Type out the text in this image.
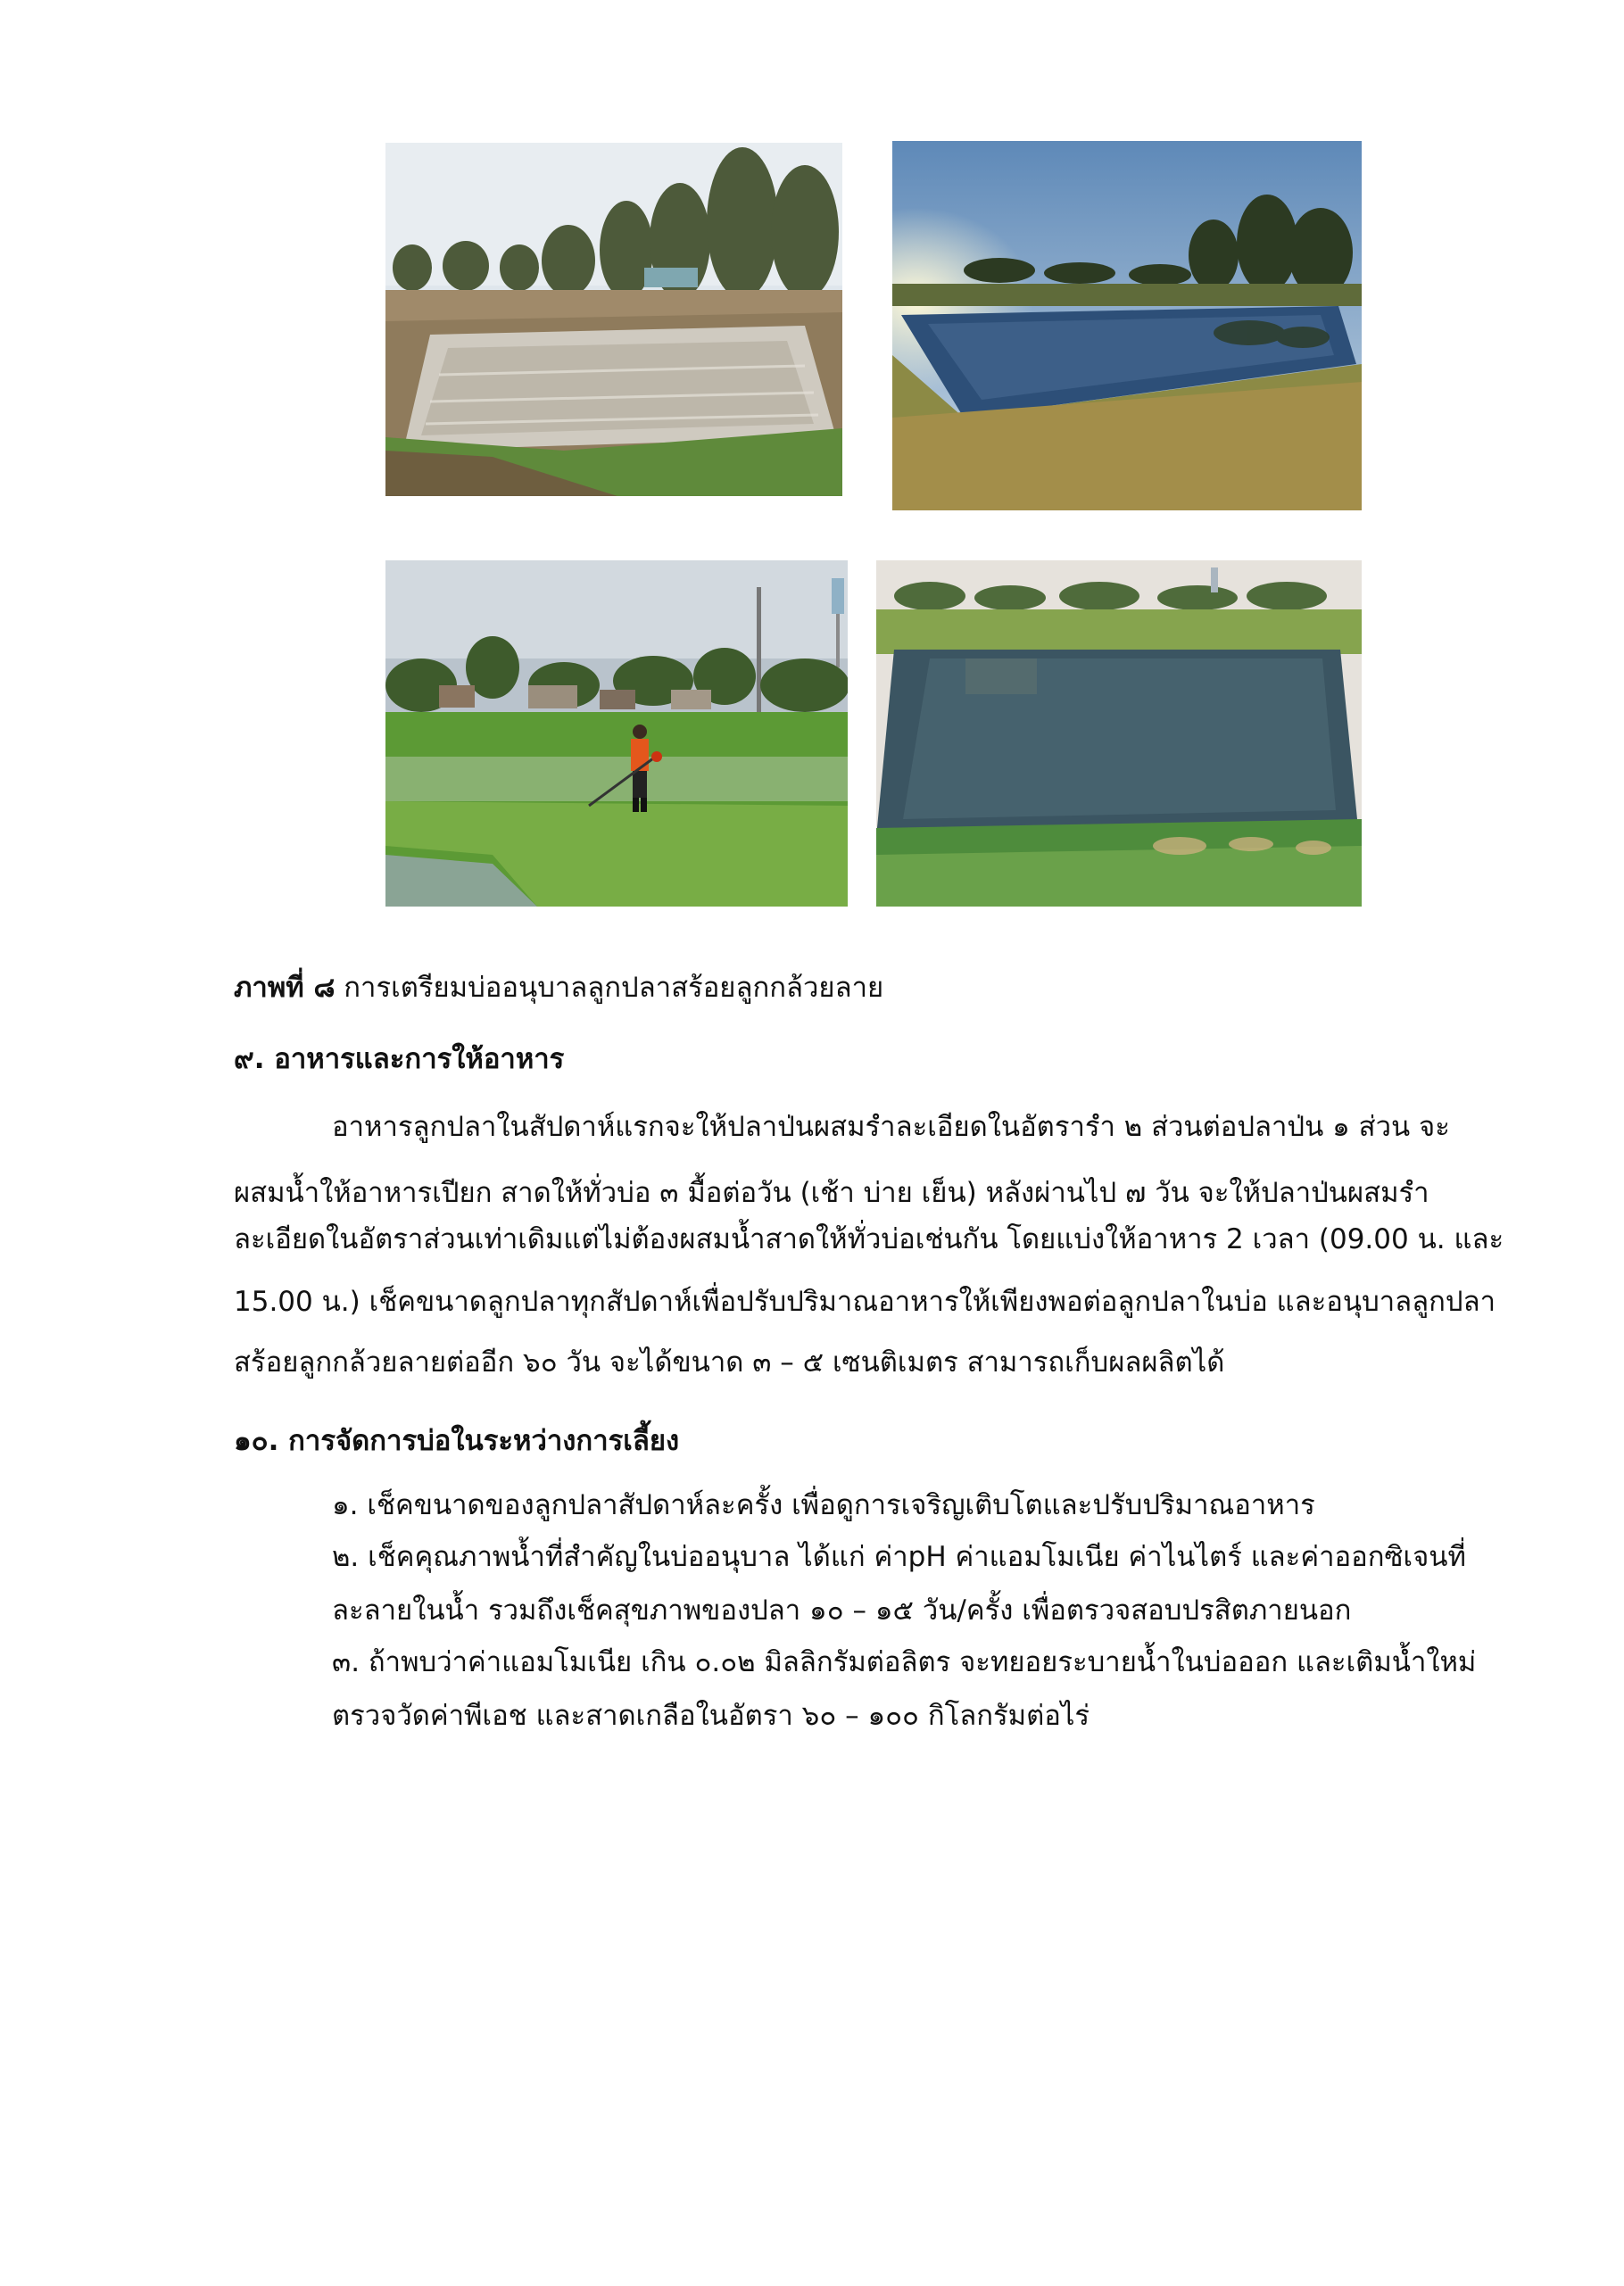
ภาพที่ ๘ การเตรียมบ่ออนุบาลลูกปลาสร้อยลูกกล้วยลาย
๙. อาหารและการให้อาหาร
อาหารลูกปลาในสัปดาห์แรกจะให้ปลาป่นผสมรำละเอียดในอัตรารำ ๒ ส่วนต่อปลาป่น ๑ ส่วน จะ
ผสมน้ำให้อาหารเปียก สาดให้ทั่วบ่อ ๓ มื้อต่อวัน (เช้า บ่าย เย็น) หลังผ่านไป ๗ วัน จะให้ปลาป่นผสมรำ
ละเอียดในอัตราส่วนเท่าเดิมแต่ไม่ต้องผสมน้ำสาดให้ทั่วบ่อเช่นกัน โดยแบ่งให้อาหาร 2 เวลา (09.00 น. และ
15.00 น.) เช็คขนาดลูกปลาทุกสัปดาห์เพื่อปรับปริมาณอาหารให้เพียงพอต่อลูกปลาในบ่อ และอนุบาลลูกปลา
สร้อยลูกกล้วยลายต่ออีก ๖๐ วัน จะได้ขนาด ๓ – ๕ เซนติเมตร สามารถเก็บผลผลิตได้
๑๐. การจัดการบ่อในระหว่างการเลี้ยง
๑. เช็คขนาดของลูกปลาสัปดาห์ละครั้ง เพื่อดูการเจริญเติบโตและปรับปริมาณอาหาร
๒. เช็คคุณภาพน้ำที่สำคัญในบ่ออนุบาล ได้แก่ ค่าpH ค่าแอมโมเนีย ค่าไนไตร์ และค่าออกซิเจนที่
ละลายในน้ำ รวมถึงเช็คสุขภาพของปลา ๑๐ – ๑๕ วัน/ครั้ง เพื่อตรวจสอบปรสิตภายนอก
๓. ถ้าพบว่าค่าแอมโมเนีย เกิน ๐.๐๒ มิลลิกรัมต่อลิตร จะทยอยระบายน้ำในบ่อออก และเติมน้ำใหม่
ตรวจวัดค่าพีเอช และสาดเกลือในอัตรา ๖๐ – ๑๐๐ กิโลกรัมต่อไร่
